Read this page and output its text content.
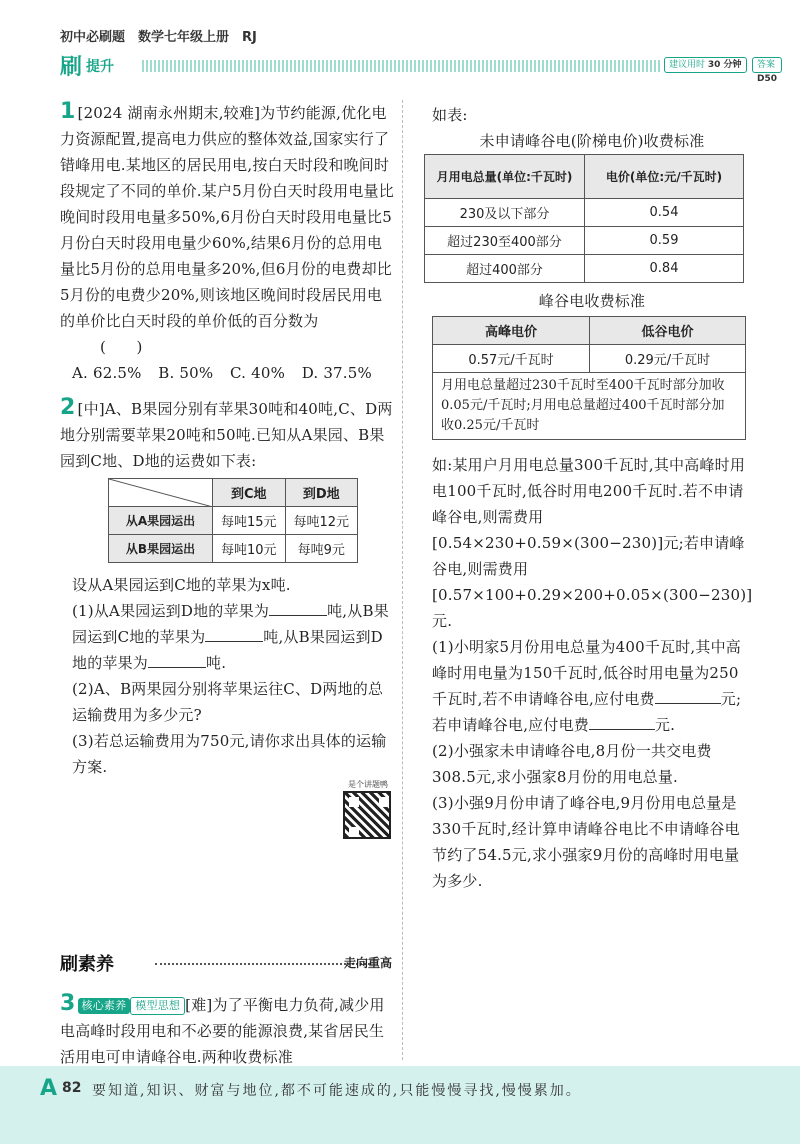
初中必刷题　数学七年级上册　RJ
刷 提升	建议用时 30 分钟	答案 D50
1 [2024 湖南永州期末,较难]为节约能源,优化电力资源配置,提高电力供应的整体效益,国家实行了错峰用电.某地区的居民用电,按白天时段和晚间时段规定了不同的单价.某户5月份白天时段用电量比晚间时段用电量多50%,6月份白天时段用电量比5月份白天时段用电量少60%,结果6月份的总用电量比5月份的总用电量多20%,但6月份的电费却比5月份的电费少20%,则该地区晚间时段居民用电的单价比白天时段的单价低的百分数为(　　)
A. 62.5% B. 50% C. 40% D. 37.5%
2 [中]A、B果园分别有苹果30吨和40吨,C、D两地分别需要苹果20吨和50吨.已知从A果园、B果园到C地、D地的运费如下表:
	到C地	到D地
从A果园运出	每吨15元	每吨12元
从B果园运出	每吨10元	每吨9元
设从A果园运到C地的苹果为x吨.
(1)从A果园运到D地的苹果为	吨,从B果园运到C地的苹果为	吨,从B果园运到D地的苹果为	吨.
(2)A、B两果园分别将苹果运往C、D两地的总运输费用为多少元?
(3)若总运输费用为750元,请你求出具体的运输方案.
是个讲题鸭
刷素养	走向重高
3 核心素养 模型思想 [难]为了平衡电力负荷,减少用电高峰时段用电和不必要的能源浪费,某省居民生活用电可申请峰谷电.两种收费标准
如表:
未申请峰谷电(阶梯电价)收费标准
月用电总量(单位:千瓦时)	电价(单位:元/千瓦时)
230及以下部分	0.54
超过230至400部分	0.59
超过400部分	0.84
峰谷电收费标准
高峰电价	低谷电价
0.57元/千瓦时	0.29元/千瓦时
月用电总量超过230千瓦时至400千瓦时部分加收0.05元/千瓦时;月用电总量超过400千瓦时部分加收0.25元/千瓦时
如:某用户月用电总量300千瓦时,其中高峰时用电100千瓦时,低谷时用电200千瓦时.若不申请峰谷电,则需费用[0.54×230+0.59×(300−230)]元;若申请峰谷电,则需费用[0.57×100+0.29×200+0.05×(300−230)]元.
(1)小明家5月份用电总量为400千瓦时,其中高峰时用电量为150千瓦时,低谷时用电量为250千瓦时,若不申请峰谷电,应付电费	元;若申请峰谷电,应付电费	元.
(2)小强家未申请峰谷电,8月份一共交电费308.5元,求小强家8月份的用电总量.
(3)小强9月份申请了峰谷电,9月份用电总量是330千瓦时,经计算申请峰谷电比不申请峰谷电节约了54.5元,求小强家9月份的高峰时用电量为多少.
A 82 要知道,知识、财富与地位,都不可能速成的,只能慢慢寻找,慢慢累加。
